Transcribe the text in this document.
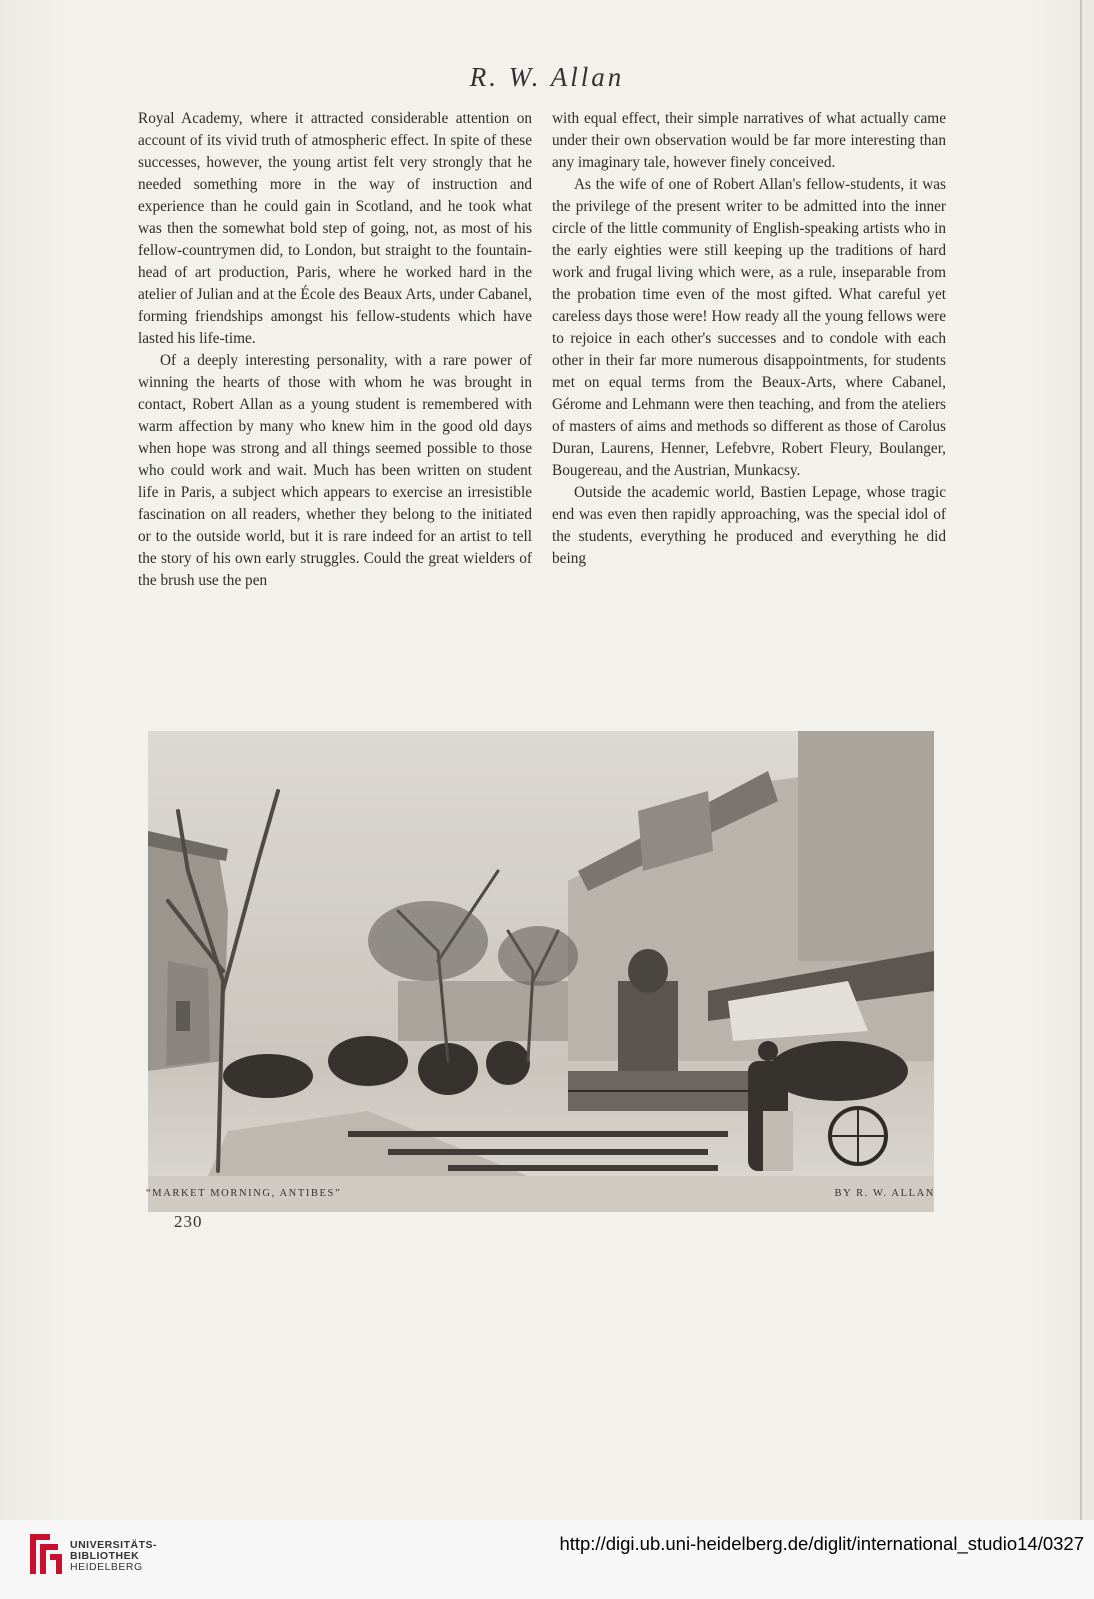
R. W. Allan

Royal Academy, where it attracted considerable attention on account of its vivid truth of atmospheric effect. In spite of these successes, however, the young artist felt very strongly that he needed something more in the way of instruction and experience than he could gain in Scotland, and he took what was then the somewhat bold step of going, not, as most of his fellow-countrymen did, to London, but straight to the fountain-head of art production, Paris, where he worked hard in the atelier of Julian and at the École des Beaux Arts, under Cabanel, forming friendships amongst his fellow-students which have lasted his life-time.

Of a deeply interesting personality, with a rare power of winning the hearts of those with whom he was brought in contact, Robert Allan as a young student is remembered with warm affection by many who knew him in the good old days when hope was strong and all things seemed possible to those who could work and wait. Much has been written on student life in Paris, a subject which appears to exercise an irresistible fascination on all readers, whether they belong to the initiated or to the outside world, but it is rare indeed for an artist to tell the story of his own early struggles. Could the great wielders of the brush use the pen

with equal effect, their simple narratives of what actually came under their own observation would be far more interesting than any imaginary tale, however finely conceived.

As the wife of one of Robert Allan's fellow-students, it was the privilege of the present writer to be admitted into the inner circle of the little community of English-speaking artists who in the early eighties were still keeping up the traditions of hard work and frugal living which were, as a rule, inseparable from the probation time even of the most gifted. What careful yet careless days those were! How ready all the young fellows were to rejoice in each other's successes and to condole with each other in their far more numerous disappointments, for students met on equal terms from the Beaux-Arts, where Cabanel, Gérome and Lehmann were then teaching, and from the ateliers of masters of aims and methods so different as those of Carolus Duran, Laurens, Henner, Lefebvre, Robert Fleury, Boulanger, Bougereau, and the Austrian, Munkacsy.

Outside the academic world, Bastien Lepage, whose tragic end was even then rapidly approaching, was the special idol of the students, everything he produced and everything he did being

“MARKET MORNING, ANTIBES”	BY R. W. ALLAN
230
UNIVERSITÄTS-
BIBLIOTHEK
HEIDELBERG
http://digi.ub.uni-heidelberg.de/diglit/international_studio14/0327
